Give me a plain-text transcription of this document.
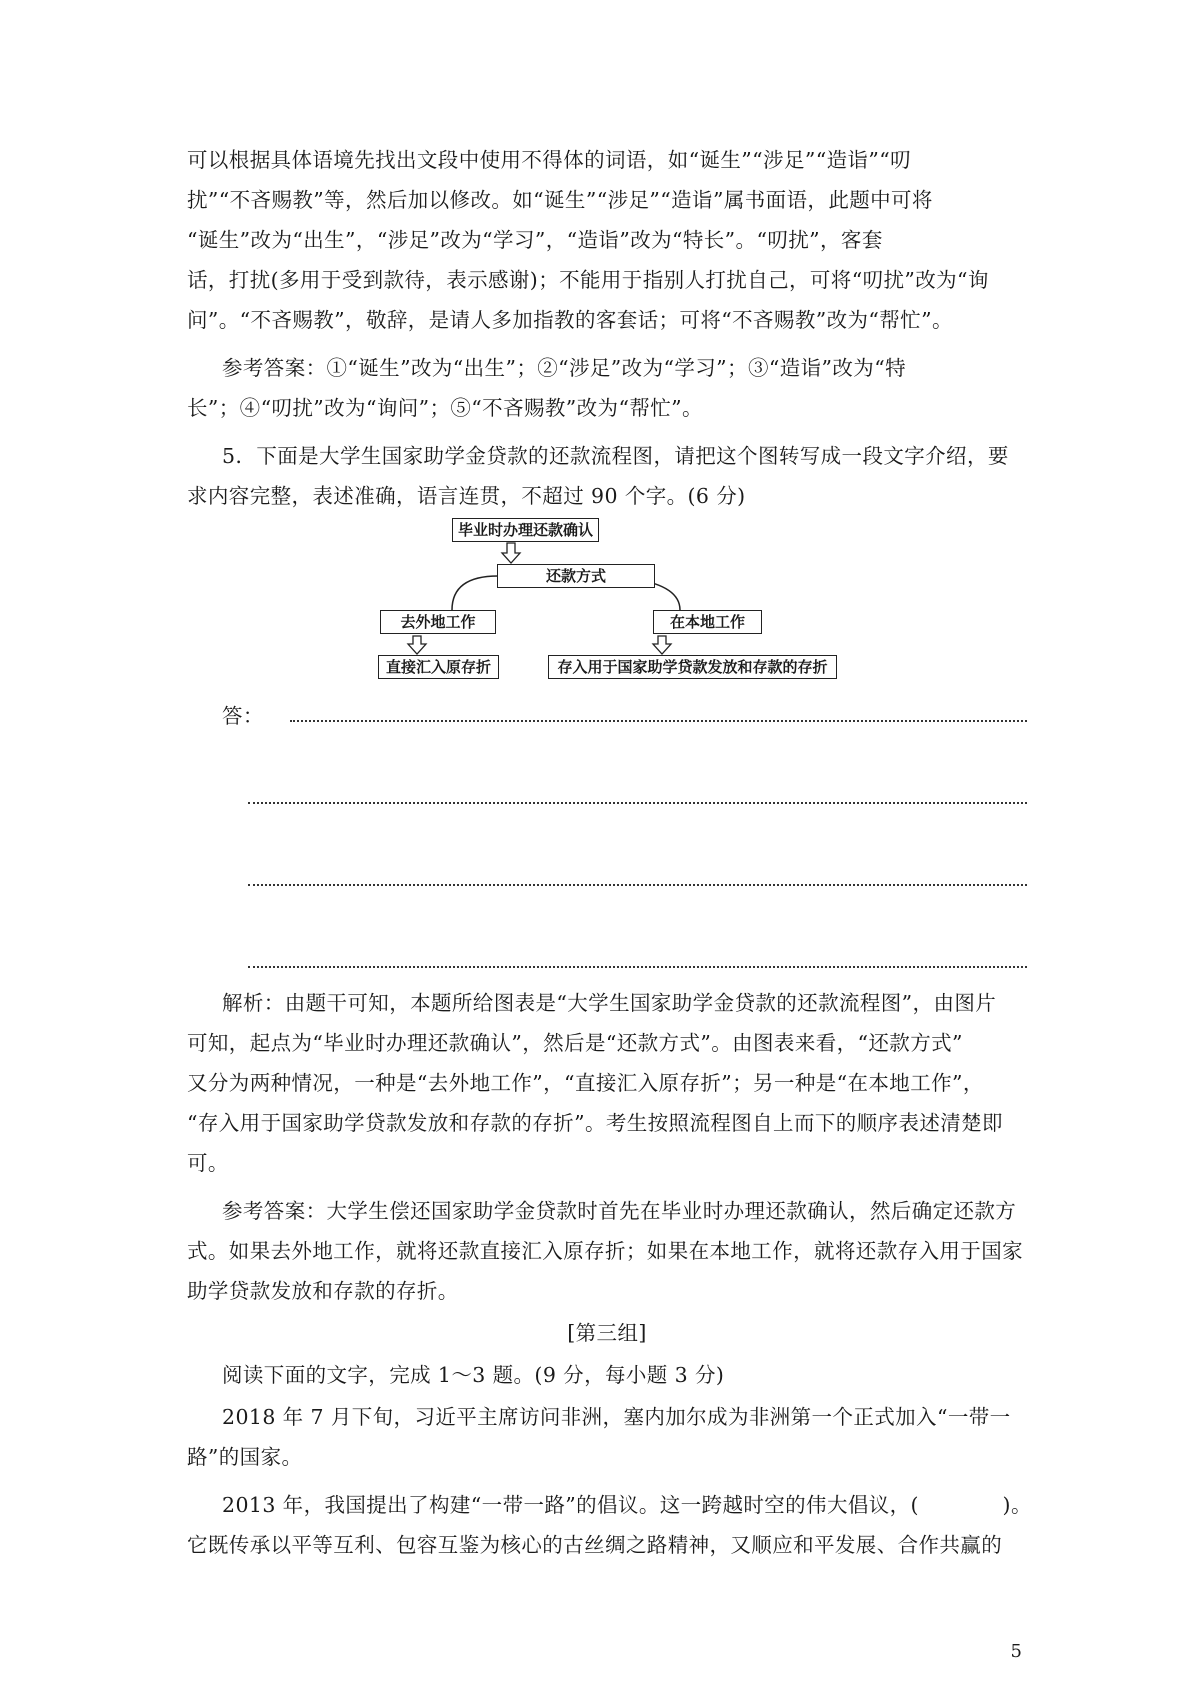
可以根据具体语境先找出文段中使用不得体的词语，如“诞生”“涉足”“造诣”“叨
扰”“不吝赐教”等，然后加以修改。如“诞生”“涉足”“造诣”属书面语，此题中可将
“诞生”改为“出生”，“涉足”改为“学习”，“造诣”改为“特长”。“叨扰”，客套
话，打扰(多用于受到款待，表示感谢)；不能用于指别人打扰自己，可将“叨扰”改为“询
问”。“不吝赐教”，敬辞，是请人多加指教的客套话；可将“不吝赐教”改为“帮忙”。
参考答案：①“诞生”改为“出生”；②“涉足”改为“学习”；③“造诣”改为“特
长”；④“叨扰”改为“询问”；⑤“不吝赐教”改为“帮忙”。
5．下面是大学生国家助学金贷款的还款流程图，请把这个图转写成一段文字介绍，要
求内容完整，表述准确，语言连贯，不超过 90 个字。(6 分)
毕业时办理还款确认
还款方式
去外地工作	在本地工作
直接汇入原存折	存入用于国家助学贷款发放和存款的存折
答：
解析：由题干可知，本题所给图表是“大学生国家助学金贷款的还款流程图”，由图片
可知，起点为“毕业时办理还款确认”，然后是“还款方式”。由图表来看，“还款方式”
又分为两种情况，一种是“去外地工作”，“直接汇入原存折”；另一种是“在本地工作”，
“存入用于国家助学贷款发放和存款的存折”。考生按照流程图自上而下的顺序表述清楚即
可。
参考答案：大学生偿还国家助学金贷款时首先在毕业时办理还款确认，然后确定还款方
式。如果去外地工作，就将还款直接汇入原存折；如果在本地工作，就将还款存入用于国家
助学贷款发放和存款的存折。
[第三组]
阅读下面的文字，完成 1～3 题。(9 分，每小题 3 分)
2018 年 7 月下旬，习近平主席访问非洲，塞内加尔成为非洲第一个正式加入“一带一
路”的国家。
2013 年，我国提出了构建“一带一路”的倡议。这一跨越时空的伟大倡议，(　　　　)。
它既传承以平等互利、包容互鉴为核心的古丝绸之路精神，又顺应和平发展、合作共赢的
5
